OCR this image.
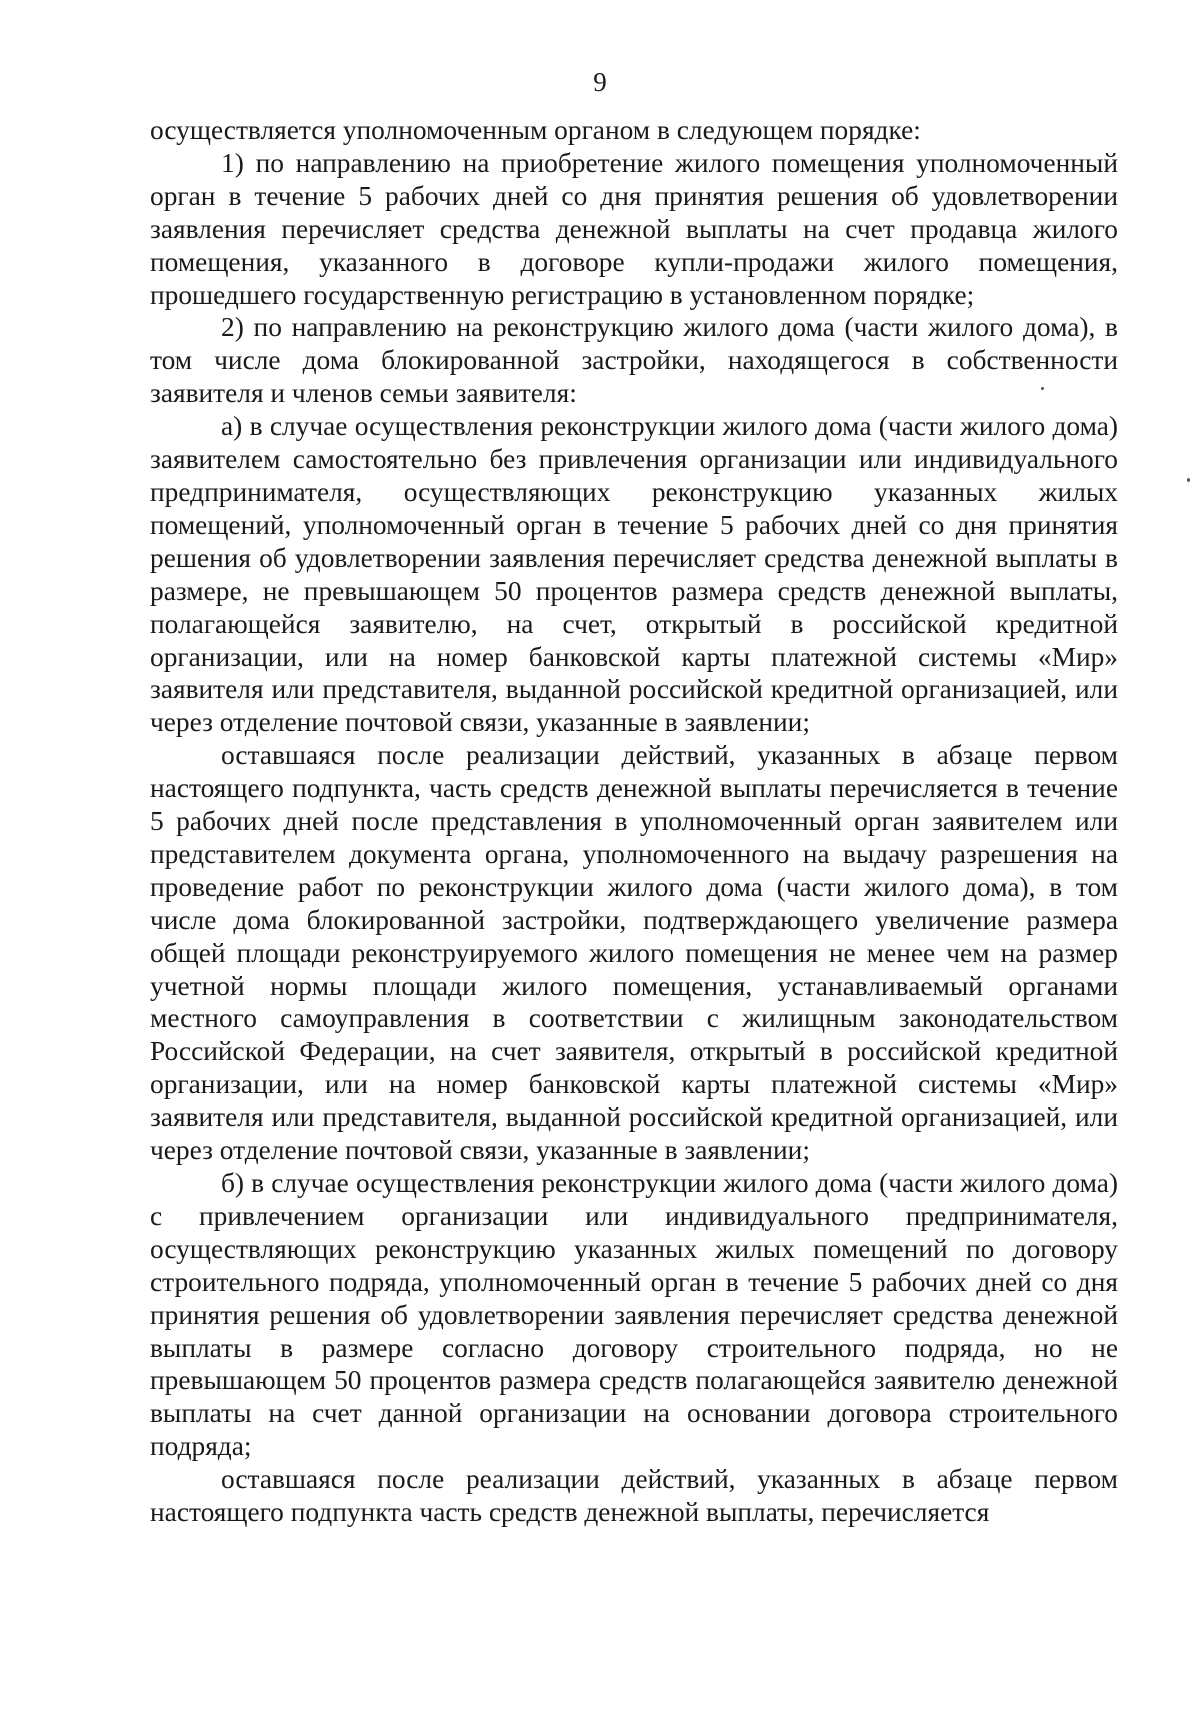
9

осуществляется уполномоченным органом в следующем порядке:

1) по направлению на приобретение жилого помещения уполномоченный орган в течение 5 рабочих дней со дня принятия решения об удовлетворении заявления перечисляет средства денежной выплаты на счет продавца жилого помещения, указанного в договоре купли-продажи жилого помещения, прошедшего государственную регистрацию в установленном порядке;

2) по направлению на реконструкцию жилого дома (части жилого дома), в том числе дома блокированной застройки, находящегося в собственности заявителя и членов семьи заявителя:

а) в случае осуществления реконструкции жилого дома (части жилого дома) заявителем самостоятельно без привлечения организации или индивидуального предпринимателя, осуществляющих реконструкцию указанных жилых помещений, уполномоченный орган в течение 5 рабочих дней со дня принятия решения об удовлетворении заявления перечисляет средства денежной выплаты в размере, не превышающем 50 процентов размера средств денежной выплаты, полагающейся заявителю, на счет, открытый в российской кредитной организации, или на номер банковской карты платежной системы «Мир» заявителя или представителя, выданной российской кредитной организацией, или через отделение почтовой связи, указанные в заявлении;

оставшаяся после реализации действий, указанных в абзаце первом настоящего подпункта, часть средств денежной выплаты перечисляется в течение 5 рабочих дней после представления в уполномоченный орган заявителем или представителем документа органа, уполномоченного на выдачу разрешения на проведение работ по реконструкции жилого дома (части жилого дома), в том числе дома блокированной застройки, подтверждающего увеличение размера общей площади реконструируемого жилого помещения не менее чем на размер учетной нормы площади жилого помещения, устанавливаемый органами местного самоуправления в соответствии с жилищным законодательством Российской Федерации, на счет заявителя, открытый в российской кредитной организации, или на номер банковской карты платежной системы «Мир» заявителя или представителя, выданной российской кредитной организацией, или через отделение почтовой связи, указанные в заявлении;

б) в случае осуществления реконструкции жилого дома (части жилого дома) с привлечением организации или индивидуального предпринимателя, осуществляющих реконструкцию указанных жилых помещений по договору строительного подряда, уполномоченный орган в течение 5 рабочих дней со дня принятия решения об удовлетворении заявления перечисляет средства денежной выплаты в размере согласно договору строительного подряда, но не превышающем 50 процентов размера средств полагающейся заявителю денежной выплаты на счет данной организации на основании договора строительного подряда;

оставшаяся после реализации действий, указанных в абзаце первом настоящего подпункта часть средств денежной выплаты, перечисляется
